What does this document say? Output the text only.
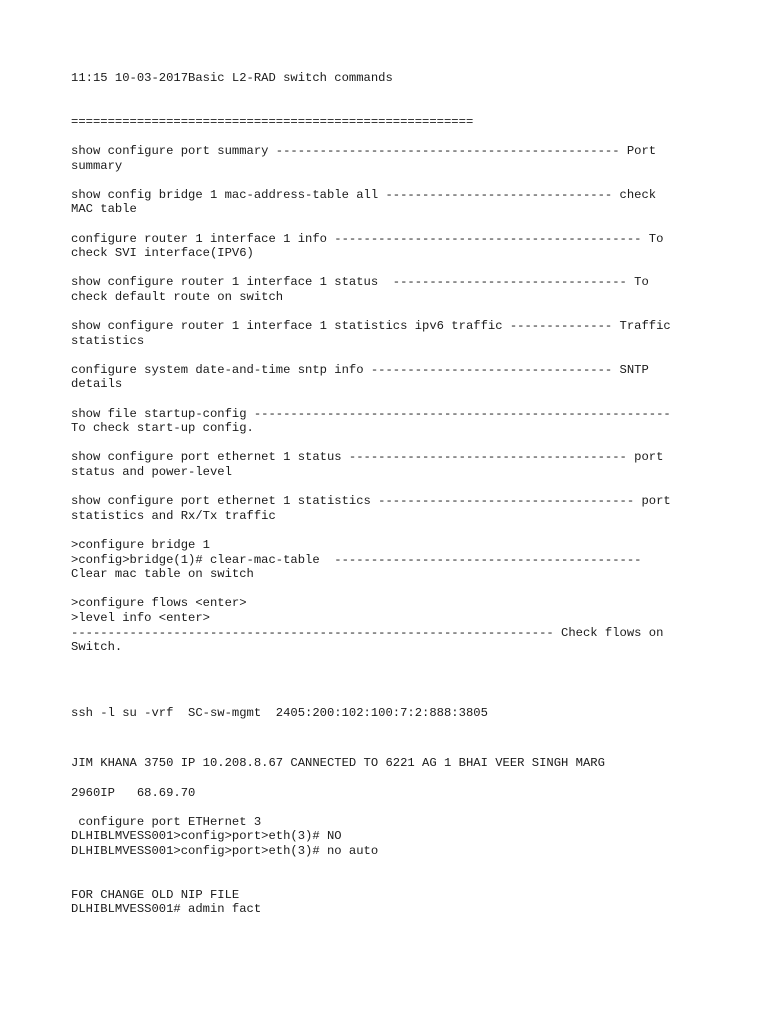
11:15 10-03-2017Basic L2-RAD switch commands
=======================================================
show configure port summary ----------------------------------------------- Port
summary
show config bridge 1 mac-address-table all ------------------------------- check
MAC table
configure router 1 interface 1 info ------------------------------------------ To
check SVI interface(IPV6)
show configure router 1 interface 1 status  -------------------------------- To
check default route on switch
show configure router 1 interface 1 statistics ipv6 traffic -------------- Traffic
statistics
configure system date-and-time sntp info --------------------------------- SNTP
details
show file startup-config ---------------------------------------------------------
To check start-up config.
show configure port ethernet 1 status -------------------------------------- port
status and power-level
show configure port ethernet 1 statistics ----------------------------------- port
statistics and Rx/Tx traffic
>configure bridge 1
>config>bridge(1)# clear-mac-table  ------------------------------------------
Clear mac table on switch
>configure flows <enter>
>level info <enter>
------------------------------------------------------------------ Check flows on
Switch.
ssh -l su -vrf  SC-sw-mgmt  2405:200:102:100:7:2:888:3805
JIM KHANA 3750 IP 10.208.8.67 CANNECTED TO 6221 AG 1 BHAI VEER SINGH MARG
2960IP   68.69.70
configure port ETHernet 3
DLHIBLMVESS001>config>port>eth(3)# NO
DLHIBLMVESS001>config>port>eth(3)# no auto
FOR CHANGE OLD NIP FILE
DLHIBLMVESS001# admin fact
